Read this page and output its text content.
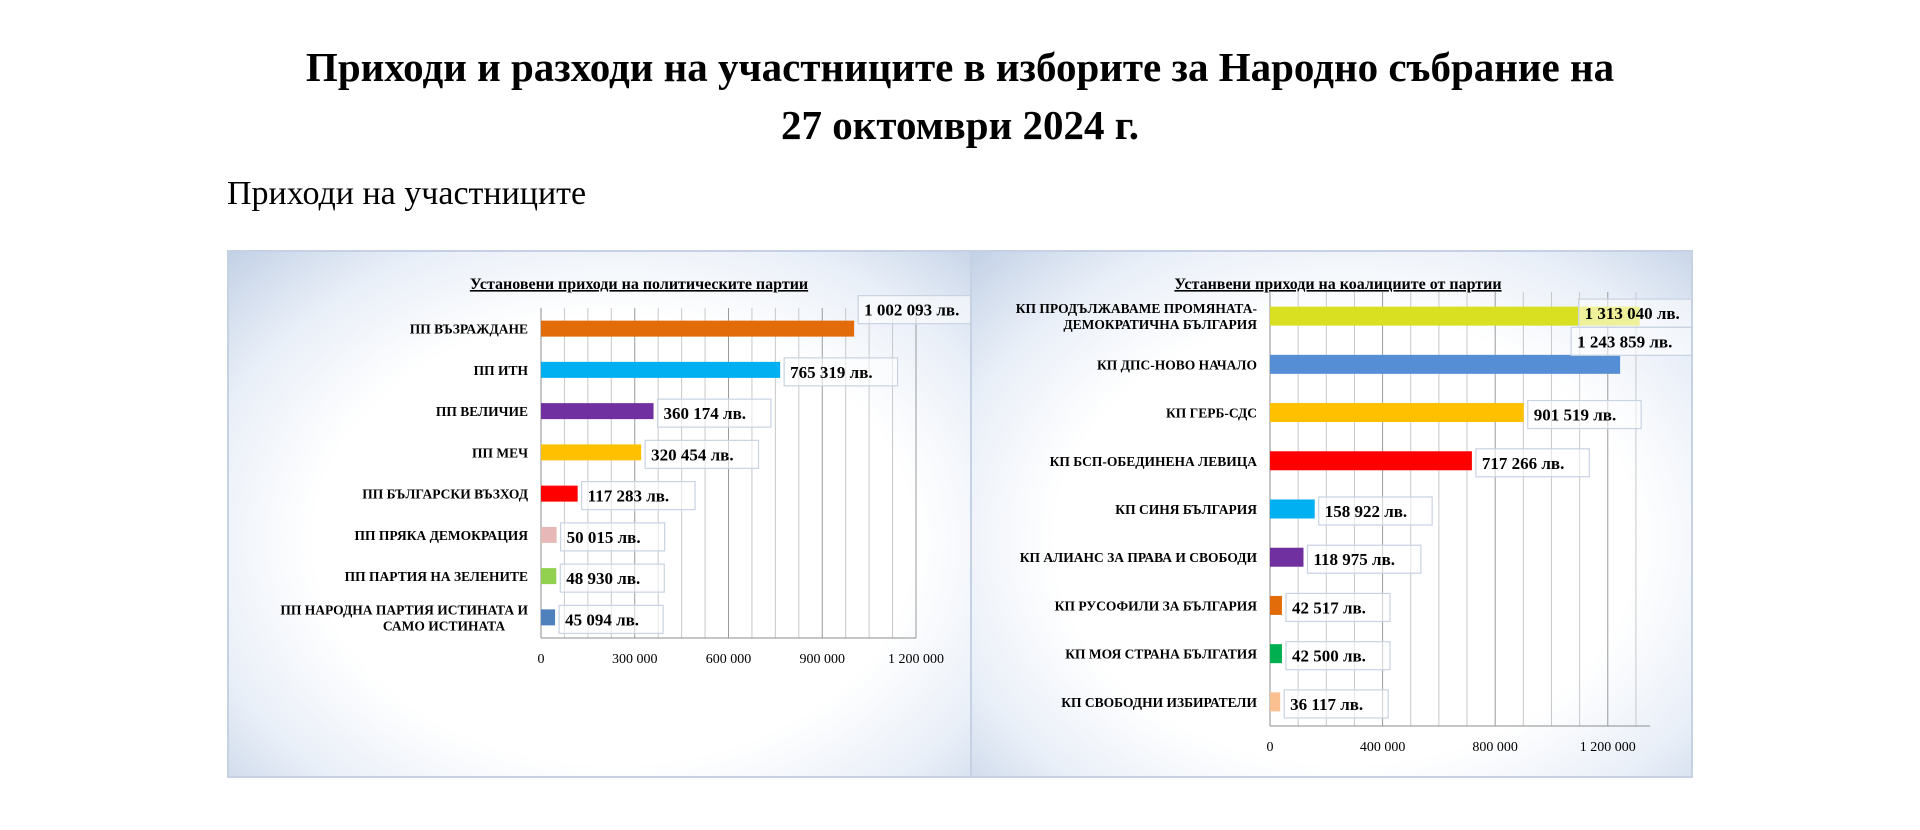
Приходи и разходи на участниците в изборите за Народно събрание на
27 октомври 2024 г.
Приходи на участниците
Установени приходи на политическите партии
0	300 000	600 000	900 000	1 200 000
ПП ВЪЗРАЖДАНЕ
1 002 093 лв.
ПП ИТН	765 319 лв.
ПП ВЕЛИЧИЕ	360 174 лв.
ПП МЕЧ	320 454 лв.
ПП БЪЛГАРСКИ ВЪЗХОД	117 283 лв.
ПП ПРЯКА ДЕМОКРАЦИЯ 50 015 лв.
ПП ПАРТИЯ НА ЗЕЛЕНИТЕ 48 930 лв.
ПП НАРОДНА ПАРТИЯ ИСТИНАТА И
САМО ИСТИНАТА	45 094 лв.
Устанвени приходи на коалициите от партии
0	400 000	800 000	1 200 000
КП ПРОДЪЛЖАВАМЕ ПРОМЯНАТА-
ДЕМОКРАТИЧНА БЪЛГАРИЯ
1 313 040 лв.
КП ДПС-НОВО НАЧАЛО
1 243 859 лв.
КП ГЕРБ-СДС	901 519 лв.
КП БСП-ОБЕДИНЕНА ЛЕВИЦА	717 266 лв.
КП СИНЯ БЪЛГАРИЯ	158 922 лв.
КП АЛИАНС ЗА ПРАВА И СВОБОДИ	118 975 лв.
КП РУСОФИЛИ ЗА БЪЛГАРИЯ 42 517 лв.
КП МОЯ СТРАНА БЪЛГАТИЯ 42 500 лв.
КП СВОБОДНИ ИЗБИРАТЕЛИ 36 117 лв.
